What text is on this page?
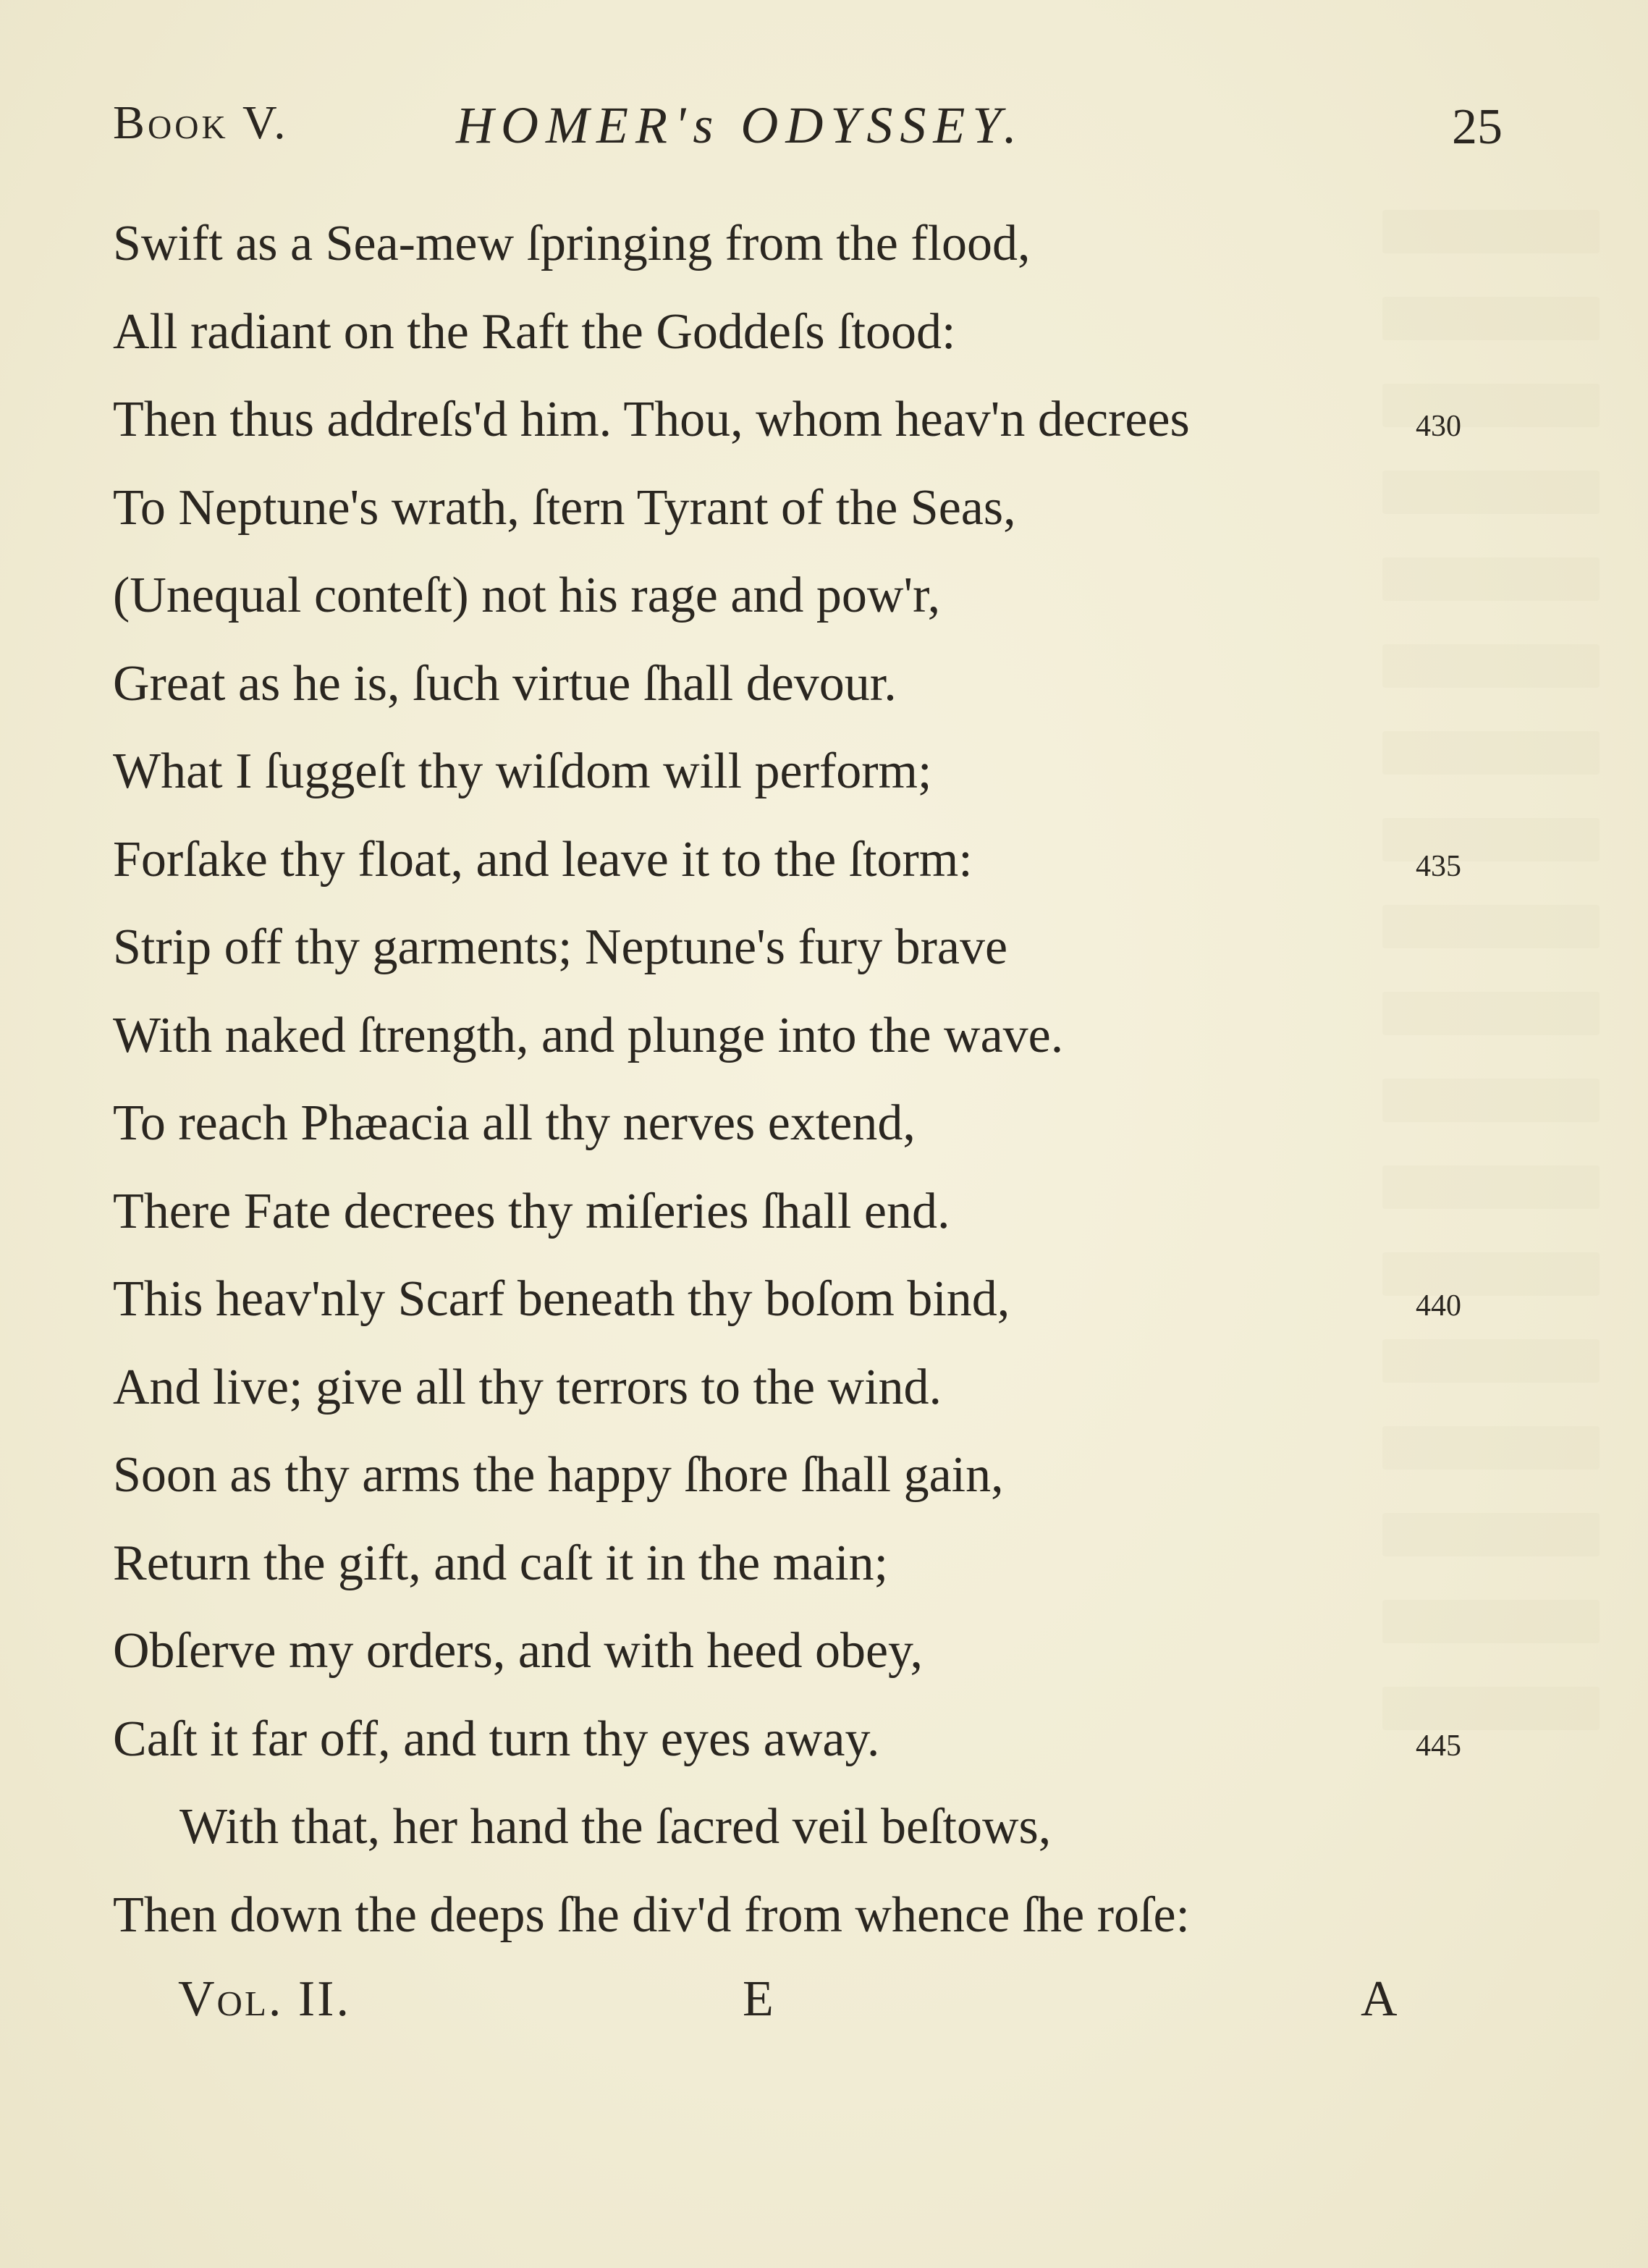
Book V.	HOMER's ODYSSEY.	25
Swift as a Sea-mew ſpringing from the flood,
All radiant on the Raft the Goddeſs ſtood:
Then thus addreſs'd him. Thou, whom heav'n decrees	430
To Neptune's wrath, ſtern Tyrant of the Seas,
(Unequal conteſt) not his rage and pow'r,
Great as he is, ſuch virtue ſhall devour.
What I ſuggeſt thy wiſdom will perform;
Forſake thy float, and leave it to the ſtorm:	435
Strip off thy garments; Neptune's fury brave
With naked ſtrength, and plunge into the wave.
To reach Phæacia all thy nerves extend,
There Fate decrees thy miſeries ſhall end.
This heav'nly Scarf beneath thy boſom bind,	440
And live; give all thy terrors to the wind.
Soon as thy arms the happy ſhore ſhall gain,
Return the gift, and caſt it in the main;
Obſerve my orders, and with heed obey,
Caſt it far off, and turn thy eyes away.	445
With that, her hand the ſacred veil beſtows,
Then down the deeps ſhe div'd from whence ſhe roſe:
Vol. II.	E	A
